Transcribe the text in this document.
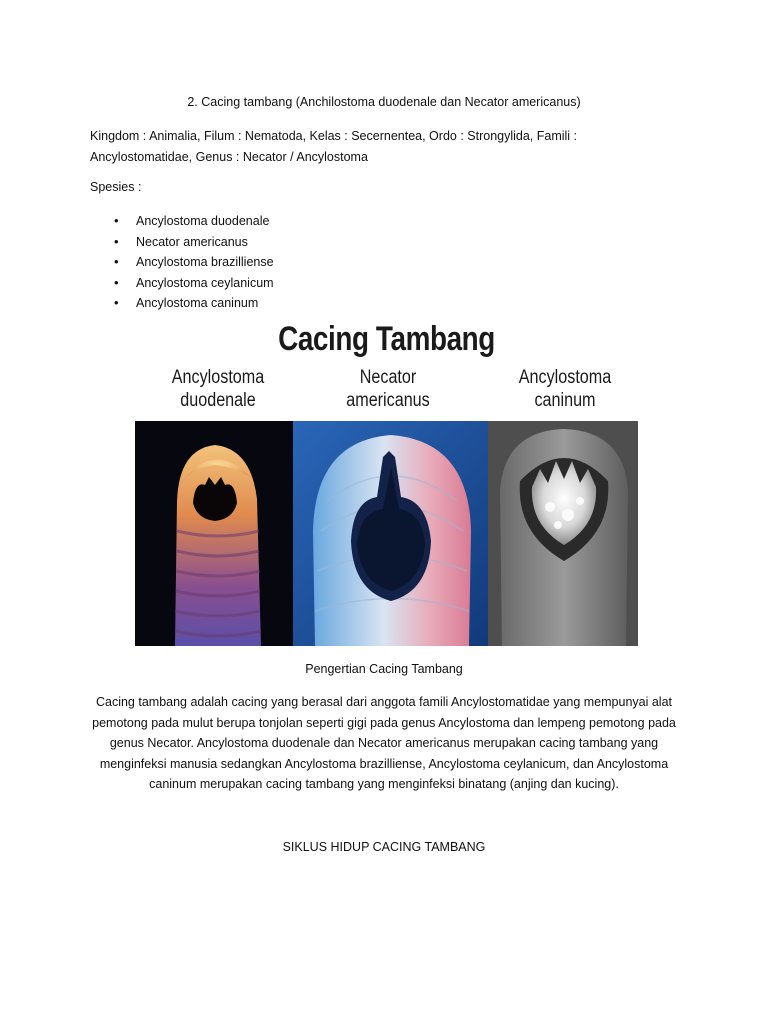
2. Cacing tambang (Anchilostoma duodenale dan Necator americanus)
Kingdom : Animalia, Filum : Nematoda, Kelas : Secernentea, Ordo : Strongylida, Famili : Ancylostomatidae, Genus : Necator / Ancylostoma
Spesies :
• Ancylostoma duodenale
• Necator americanus
• Ancylostoma brazilliense
• Ancylostoma ceylanicum
• Ancylostoma caninum
Cacing Tambang
Ancylostoma
duodenale
Necator
americanus
Ancylostoma
caninum
Pengertian Cacing Tambang
Cacing tambang adalah cacing yang berasal dari anggota famili Ancylostomatidae yang mempunyai alat pemotong pada mulut berupa tonjolan seperti gigi pada genus Ancylostoma dan lempeng pemotong pada genus Necator. Ancylostoma duodenale dan Necator americanus merupakan cacing tambang yang menginfeksi manusia sedangkan Ancylostoma brazilliense, Ancylostoma ceylanicum, dan Ancylostoma caninum merupakan cacing tambang yang menginfeksi binatang (anjing dan kucing).
SIKLUS HIDUP CACING TAMBANG
